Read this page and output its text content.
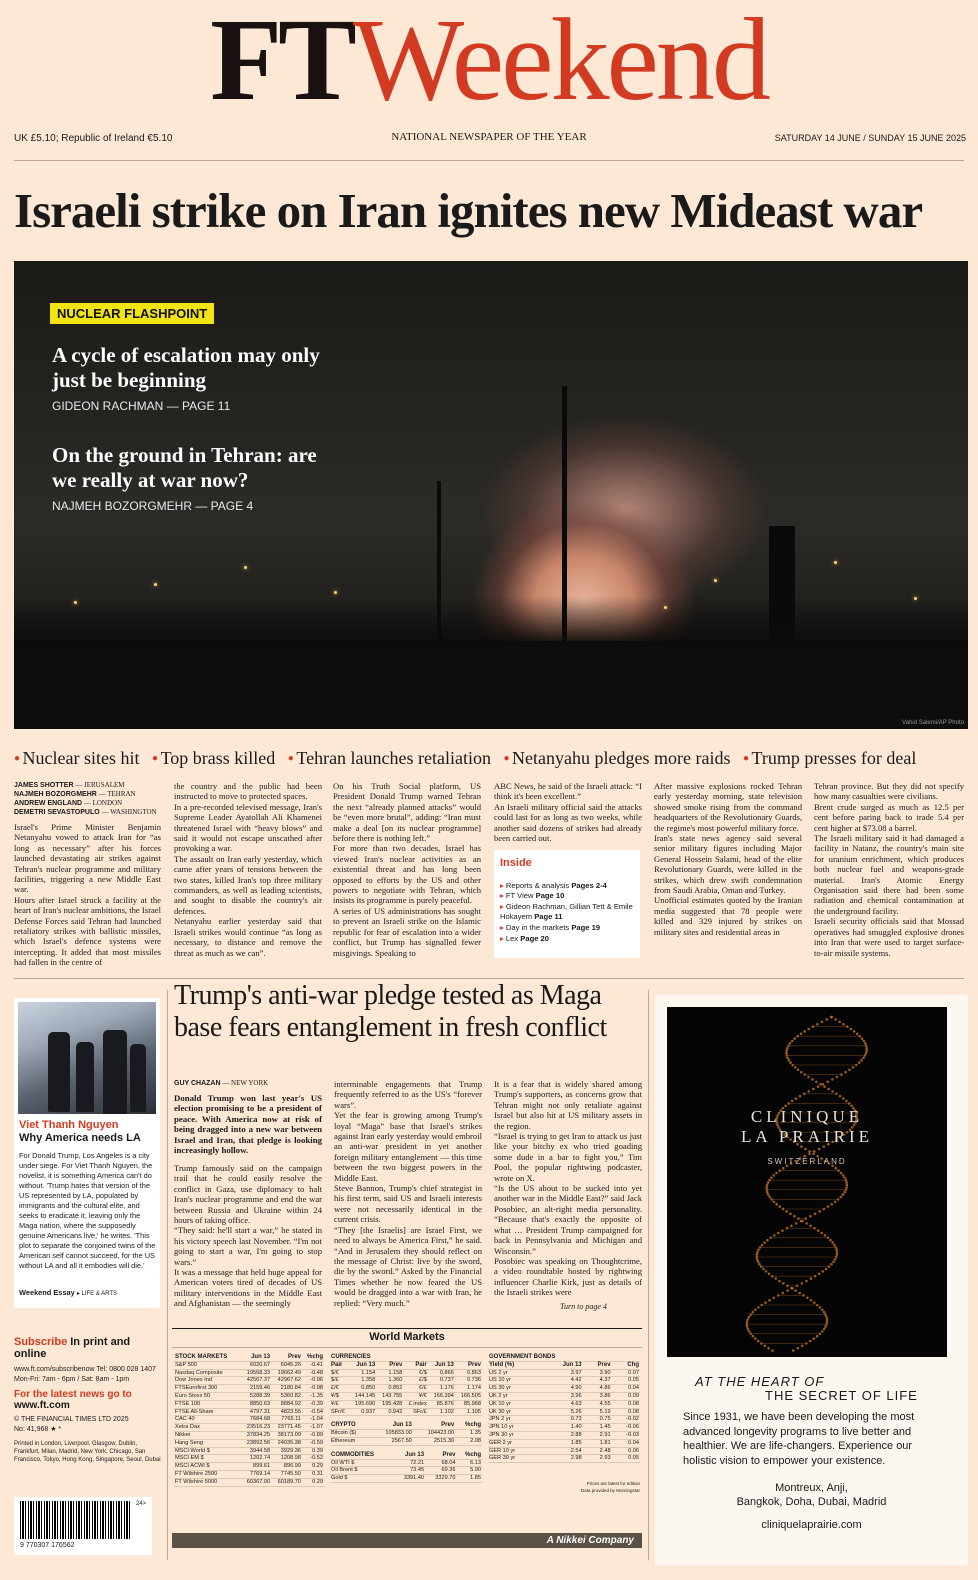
FTWeekend
UK £5.10; Republic of Ireland €5.10	NATIONAL NEWSPAPER OF THE YEAR	SATURDAY 14 JUNE / SUNDAY 15 JUNE 2025
Israeli strike on Iran ignites new Mideast war
NUCLEAR FLASHPOINT
A cycle of escalation may only just be beginning
GIDEON RACHMAN — PAGE 11
On the ground in Tehran: are we really at war now?
NAJMEH BOZORGMEHR — PAGE 4
Vahid Salemi/AP Photo
● Nuclear sites hit ● Top brass killed ● Tehran launches retaliation ● Netanyahu pledges more raids ● Trump presses for deal
JAMES SHOTTER — JERUSALEM
NAJMEH BOZORGMEHR — TEHRAN
ANDREW ENGLAND — LONDON
DEMETRI SEVASTOPULO — WASHINGTON
Israel's Prime Minister Benjamin Netanyahu vowed to attack Iran for “as long as necessary” after his forces launched devastating air strikes against Tehran's nuclear programme and military facilities, triggering a new Middle East war.
Hours after Israel struck a facility at the heart of Iran's nuclear ambitions, the Israel Defense Forces said Tehran had launched retaliatory strikes with ballistic missiles, which Israel's defence systems were intercepting. It added that most missiles had fallen in the centre of
the country and the public had been instructed to move to protected spaces.
In a pre-recorded televised message, Iran's Supreme Leader Ayatollah Ali Khamenei threatened Israel with “heavy blows” and said it would not escape unscathed after provoking a war.
The assault on Iran early yesterday, which came after years of tensions between the two states, killed Iran's top three military commanders, as well as leading scientists, and sought to disable the country's air defences.
Netanyahu earlier yesterday said that Israeli strikes would continue “as long as necessary, to distance and remove the threat as much as we can”.
On his Truth Social platform, US President Donald Trump warned Tehran the next “already planned attacks” would be “even more brutal”, adding: “Iran must make a deal [on its nuclear programme] before there is nothing left.”
For more than two decades, Israel has viewed Iran's nuclear activities as an existential threat and has long been opposed to efforts by the US and other powers to negotiate with Tehran, which insists its programme is purely peaceful.
A series of US administrations has sought to prevent an Israeli strike on the Islamic republic for fear of escalation into a wider conflict, but Trump has signalled fewer misgivings. Speaking to
ABC News, he said of the Israeli attack: “I think it's been excellent.”
An Israeli military official said the attacks could last for as long as two weeks, while another said dozens of strikes had already been carried out.
After massive explosions rocked Tehran early yesterday morning, state television showed smoke rising from the command headquarters of the Revolutionary Guards, the regime's most powerful military force.
Iran's state news agency said several senior military figures including Major General Hossein Salami, head of the elite Revolutionary Guards, were killed in the strikes, which drew swift condemnation from Saudi Arabia, Oman and Turkey.
Unofficial estimates quoted by the Iranian media suggested that 78 people were killed and 329 injured by strikes on military sites and residential areas in
Tehran province. But they did not specify how many casualties were civilians.
Brent crude surged as much as 12.5 per cent before paring back to trade 5.4 per cent higher at $73.08 a barrel.
The Israeli military said it had damaged a facility in Natanz, the country's main site for uranium enrichment, which produces both nuclear fuel and weapons-grade material. Iran's Atomic Energy Organisation said there had been some radiation and chemical contamination at the underground facility.
Israeli security officials said that Mossad operatives had smuggled explosive drones into Iran that were used to target surface-to-air missile systems.
Inside
▸ Reports & analysis Pages 2-4
▸ FT View Page 10
▸ Gideon Rachman, Gillian Tett & Emile Hokayem Page 11
▸ Day in the markets Page 19
▸ Lex Page 20
Viet Thanh Nguyen
Why America needs LA
For Donald Trump, Los Angeles is a city under siege. For Viet Thanh Nguyen, the novelist, it is something America can't do without. 'Trump hates that version of the US represented by LA, populated by immigrants and the cultural elite, and seeks to eradicate it, leaving only the Maga nation, where the supposedly genuine Americans live,' he writes. 'This plot to separate the conjoined twins of the American self cannot succeed, for the US without LA and all it embodies will die.'
Weekend Essay ▸ LIFE & ARTS
Subscribe In print and online
www.ft.com/subscribenow Tel: 0800 028 1407
Mon-Fri: 7am - 6pm / Sat: 8am - 1pm
For the latest news go to
www.ft.com
© THE FINANCIAL TIMES LTD 2025
No: 41,968 ★ *
Printed in London, Liverpool, Glasgow, Dublin, Frankfurt, Milan, Madrid, New York, Chicago, San Francisco, Tokyo, Hong Kong, Singapore, Seoul, Dubai
24>
9 770307 176562
Trump's anti-war pledge tested as Maga base fears entanglement in fresh conflict
GUY CHAZAN — NEW YORK
Donald Trump won last year's US election promising to be a president of peace. With America now at risk of being dragged into a new war between Israel and Iran, that pledge is looking increasingly hollow.
Trump famously said on the campaign trail that he could easily resolve the conflict in Gaza, use diplomacy to halt Iran's nuclear programme and end the war between Russia and Ukraine within 24 hours of taking office.
“They said: he'll start a war,” he stated in his victory speech last November. “I'm not going to start a war, I'm going to stop wars.”
It was a message that held huge appeal for American voters tired of decades of US military interventions in the Middle East and Afghanistan — the seemingly
interminable engagements that Trump frequently referred to as the US's “forever wars”.
Yet the fear is growing among Trump's loyal “Maga” base that Israel's strikes against Iran early yesterday would embroil an anti-war president in yet another foreign military entanglement — this time between the two biggest powers in the Middle East.
Steve Bannon, Trump's chief strategist in his first term, said US and Israeli interests were not necessarily identical in the current crisis.
“They [the Israelis] are Israel First, we need to always be America First,” he said. “And in Jerusalem they should reflect on the message of Christ: live by the sword, die by the sword.” Asked by the Financial Times whether he now feared the US would be dragged into a war with Iran, he replied: “Very much.”
It is a fear that is widely shared among Trump's supporters, as concerns grow that Tehran might not only retaliate against Israel but also hit at US military assets in the region.
“Israel is trying to get Iran to attack us just like your bitchy ex who tried goading some dude in a bar to fight you,” Tim Pool, the popular rightwing podcaster, wrote on X.
“Is the US about to be sucked into yet another war in the Middle East?” said Jack Posobiec, an alt-right media personality. “Because that's exactly the opposite of what … President Trump campaigned for back in Pennsylvania and Michigan and Wisconsin.”
Posobiec was speaking on Thoughtcrime, a video roundtable hosted by rightwing influencer Charlie Kirk, just as details of the Israeli strikes were
Turn to page 4
World Markets
STOCK MARKETS	Jun 13	Prev	%chg
S&P 500	6020.67	6045.26	-0.41
Nasdaq Composite	19568.33	19662.49	-0.48
Dow Jones Ind	42567.37	42967.62	-0.96
FTSEurofirst 300	2159.46	2180.84	-0.98
Euro Stoxx 50	5288.39	5360.82	-1.35
FTSE 100	8850.63	8884.92	-0.39
FTSE All-Share	4797.31	4823.55	-0.54
CAC 40	7684.68	7765.11	-1.04
Xetra Dax	23516.23	23771.45	-1.07
Nikkei	37834.25	38173.09	-0.89
Hang Seng	23892.56	24035.38	-0.59
MSCI World $	3944.58	3929.36	0.39
MSCI EM $	1202.74	1208.98	-0.52
MSCI ACWI $	899.61	896.99	0.29
FT Wilshire 2500	7769.14	7745.50	0.31
FT Wilshire 5000	60367.00	60189.70	0.29
CURRENCIES					
Pair	Jun 13	Prev	Pair	Jun 13	Prev
$/€	1.154	1.158	€/$	0.866	0.863
$/£	1.358	1.360	£/$	0.737	0.736
£/€	0.850	0.852	€/£	1.176	1.174
¥/$	144.145	143.755	¥/€	166.394	166.505
¥/£	195.690	195.428	£ index	85.876	85.968
SFr/€	0.937	0.942	SFr/£	1.102	1.105
CRYPTO	Jun 13	Prev	%chg
Bitcoin ($)	105833.00	104423.00	1.35
Ethereum	2567.50	2515.30	2.08
COMMODITIES	Jun 13	Prev	%chg
Oil WTI $	72.21	68.04	6.13
Oil Brent $	73.45	69.36	5.90
Gold $	3391.40	3329.70	1.85
GOVERNMENT BONDS			
Yield (%)	Jun 13	Prev	Chg
US 2 yr	3.97	3.90	0.07
US 10 yr	4.42	4.37	0.05
US 30 yr	4.90	4.86	0.04
UK 2 yr	3.96	3.86	0.09
UK 10 yr	4.63	4.55	0.08
UK 30 yr	5.26	5.19	0.08
JPN 2 yr	0.73	0.75	-0.02
JPN 10 yr	1.40	1.45	-0.06
JPN 30 yr	2.88	2.91	-0.03
GER 2 yr	1.85	1.81	0.04
GER 10 yr	2.54	2.48	0.06
GER 30 yr	2.98	2.93	0.05
Prices are latest for edition
Data provided by Morningstar
A Nikkei Company
CLINIQUE
LA PRAIRIE
SWITZERLAND
AT THE HEART OF
THE SECRET OF LIFE
Since 1931, we have been developing the most advanced longevity programs to live better and healthier. We are life-changers. Experience our holistic vision to empower your existence.
Montreux, Anji,
Bangkok, Doha, Dubai, Madrid
cliniquelaprairie.com
